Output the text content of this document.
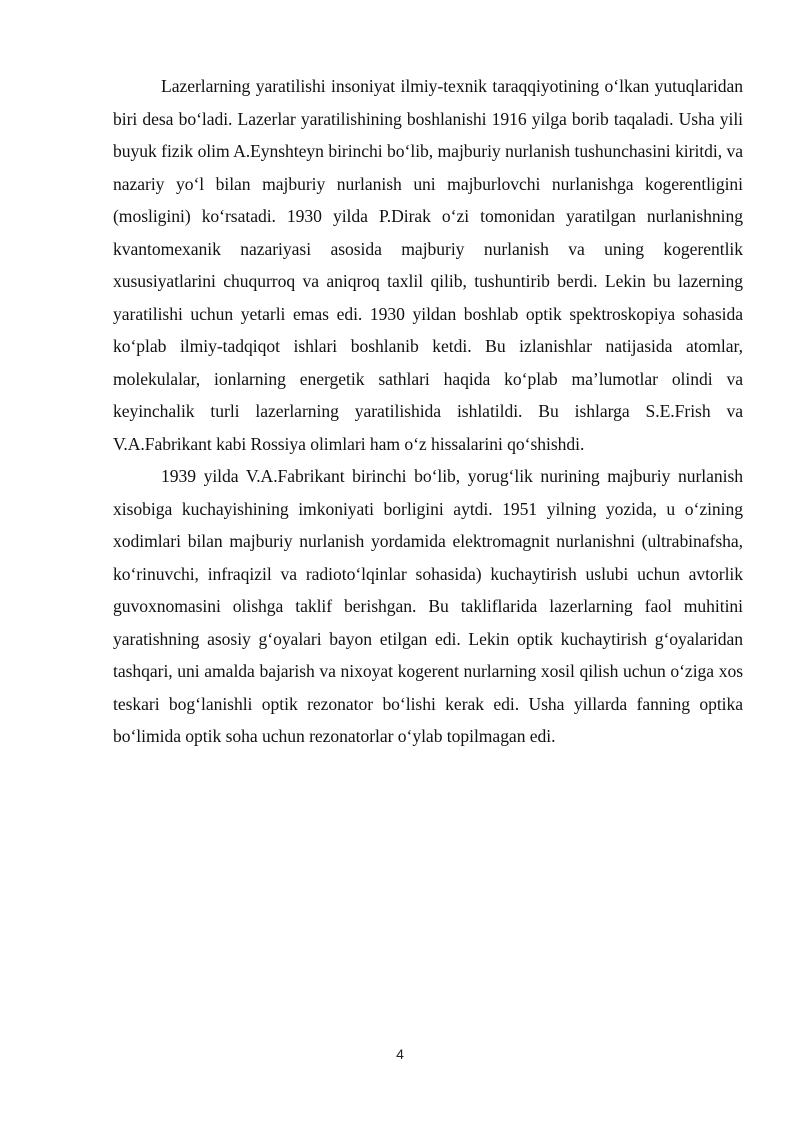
Lazerlarning yaratilishi insoniyat ilmiy-texnik taraqqiyotining o‘lkan yutuqlaridan biri desa bo‘ladi. Lazerlar yaratilishining boshlanishi 1916 yilga borib taqaladi. Usha yili buyuk fizik olim A.Eynshteyn birinchi bo‘lib, majburiy nurlanish tushunchasini kiritdi, va nazariy yo‘l bilan majburiy nurlanish uni majburlovchi nurlanishga kogerentligini (mosligini) ko‘rsatadi. 1930 yilda P.Dirak o‘zi tomonidan yaratilgan nurlanishning kvantomexanik nazariyasi asosida majburiy nurlanish va uning kogerentlik xususiyatlarini chuqurroq va aniqroq taxlil qilib, tushuntirib berdi. Lekin bu lazerning yaratilishi uchun yetarli emas edi. 1930 yildan boshlab optik spektroskopiya sohasida ko‘plab ilmiy-tadqiqot ishlari boshlanib ketdi. Bu izlanishlar natijasida atomlar, molekulalar, ionlarning energetik sathlari haqida ko‘plab ma’lumotlar olindi va keyinchalik turli lazerlarning yaratilishida ishlatildi. Bu ishlarga S.E.Frish va V.A.Fabrikant kabi Rossiya olimlari ham o‘z hissalarini qo‘shishdi.

1939 yilda V.A.Fabrikant birinchi bo‘lib, yorug‘lik nurining majburiy nurlanish xisobiga kuchayishining imkoniyati borligini aytdi. 1951 yilning yozida, u o‘zining xodimlari bilan majburiy nurlanish yordamida elektromagnit nurlanishni (ultrabinafsha, ko‘rinuvchi, infraqizil va radioto‘lqinlar sohasida) kuchaytirish uslubi uchun avtorlik guvoxnomasini olishga taklif berishgan. Bu takliflarida lazerlarning faol muhitini yaratishning asosiy g‘oyalari bayon etilgan edi. Lekin optik kuchaytirish g‘oyalaridan tashqari, uni amalda bajarish va nixoyat kogerent nurlarning xosil qilish uchun o‘ziga xos teskari bog‘lanishli optik rezonator bo‘lishi kerak edi. Usha yillarda fanning optika bo‘limida optik soha uchun rezonatorlar o‘ylab topilmagan edi.

4
